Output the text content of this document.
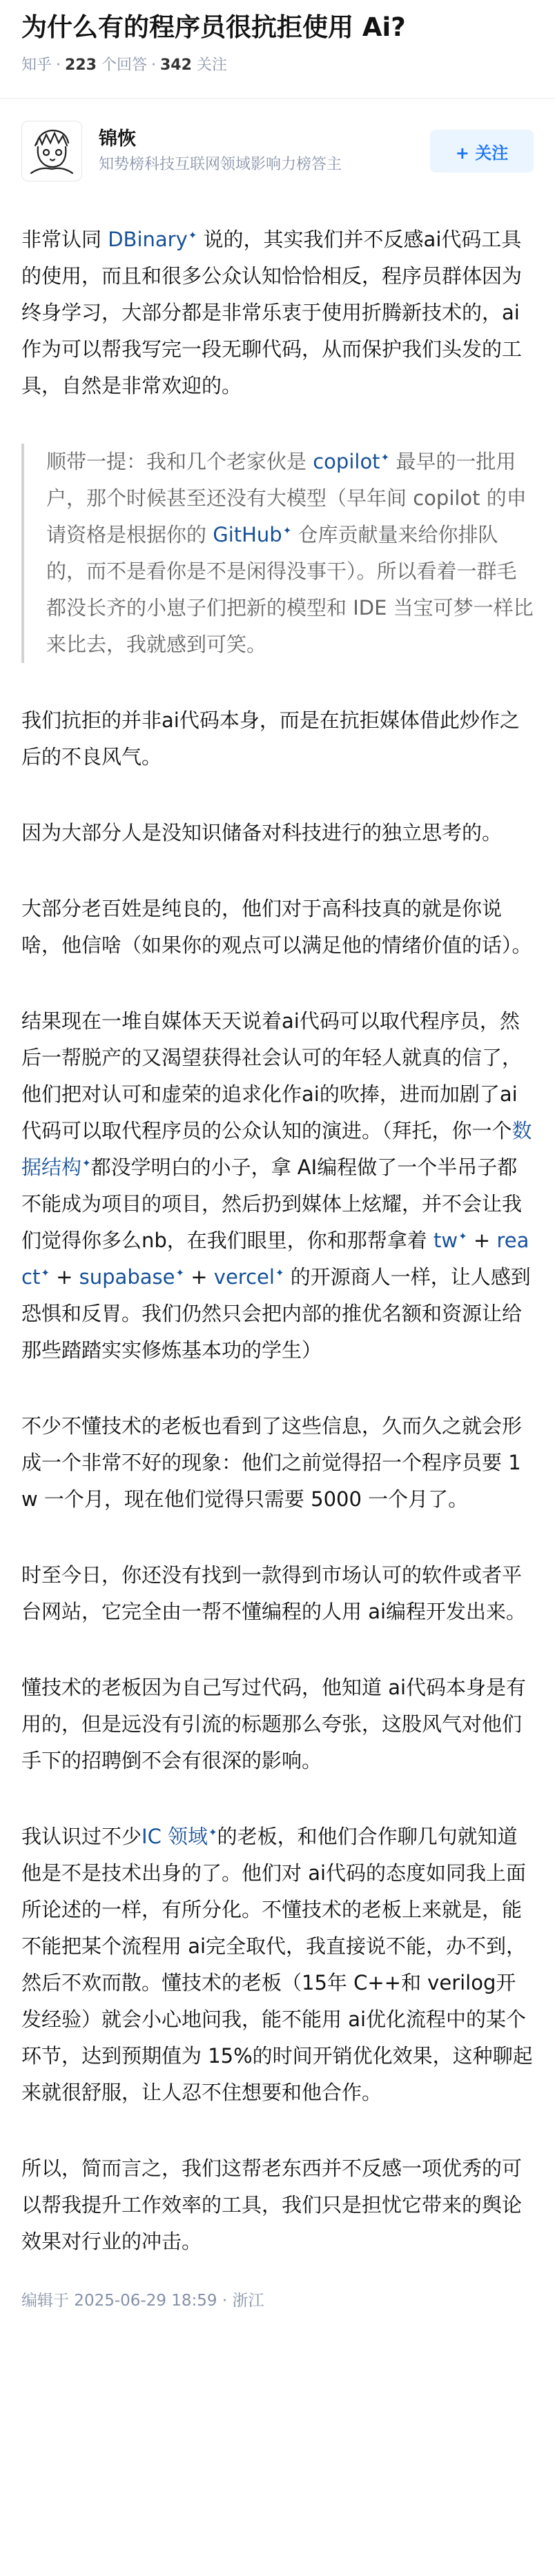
为什么有的程序员很抗拒使用 Ai?
知乎 · 223 个回答 · 342 关注
锦恢
知势榜科技互联网领域影响力榜答主
+ 关注

非常认同 DBinary✦ 说的，其实我们并不反感ai代码工具的使用，而且和很多公众认知恰恰相反，程序员群体因为终身学习，大部分都是非常乐衷于使用折腾新技术的，ai作为可以帮我写完一段无聊代码，从而保护我们头发的工具，自然是非常欢迎的。

顺带一提：我和几个老家伙是 copilot✦ 最早的一批用户，那个时候甚至还没有大模型（早年间 copilot 的申请资格是根据你的 GitHub✦ 仓库贡献量来给你排队的，而不是看你是不是闲得没事干）。所以看着一群毛都没长齐的小崽子们把新的模型和 IDE 当宝可梦一样比来比去，我就感到可笑。

我们抗拒的并非ai代码本身，而是在抗拒媒体借此炒作之后的不良风气。

因为大部分人是没知识储备对科技进行的独立思考的。

大部分老百姓是纯良的，他们对于高科技真的就是你说啥，他信啥（如果你的观点可以满足他的情绪价值的话）。

结果现在一堆自媒体天天说着ai代码可以取代程序员，然后一帮脱产的又渴望获得社会认可的年轻人就真的信了，他们把对认可和虚荣的追求化作ai的吹捧，进而加剧了ai代码可以取代程序员的公众认知的演进。（拜托，你一个数据结构✦都没学明白的小子，拿 AI编程做了一个半吊子都不能成为项目的项目，然后扔到媒体上炫耀，并不会让我们觉得你多么nb，在我们眼里，你和那帮拿着 tw✦ + react✦ + supabase✦ + vercel✦ 的开源商人一样，让人感到恐惧和反胃。我们仍然只会把内部的推优名额和资源让给那些踏踏实实修炼基本功的学生）

不少不懂技术的老板也看到了这些信息，久而久之就会形成一个非常不好的现象：他们之前觉得招一个程序员要 1w 一个月，现在他们觉得只需要 5000 一个月了。

时至今日，你还没有找到一款得到市场认可的软件或者平台网站，它完全由一帮不懂编程的人用 ai编程开发出来。

懂技术的老板因为自己写过代码，他知道 ai代码本身是有用的，但是远没有引流的标题那么夸张，这股风气对他们手下的招聘倒不会有很深的影响。

我认识过不少IC 领域✦的老板，和他们合作聊几句就知道他是不是技术出身的了。他们对 ai代码的态度如同我上面所论述的一样，有所分化。不懂技术的老板上来就是，能不能把某个流程用 ai完全取代，我直接说不能，办不到，然后不欢而散。懂技术的老板（15年 C++和 verilog开发经验）就会小心地问我，能不能用 ai优化流程中的某个环节，达到预期值为 15%的时间开销优化效果，这种聊起来就很舒服，让人忍不住想要和他合作。

所以，简而言之，我们这帮老东西并不反感一项优秀的可以帮我提升工作效率的工具，我们只是担忧它带来的舆论效果对行业的冲击。

编辑于 2025-06-29 18:59 · 浙江
